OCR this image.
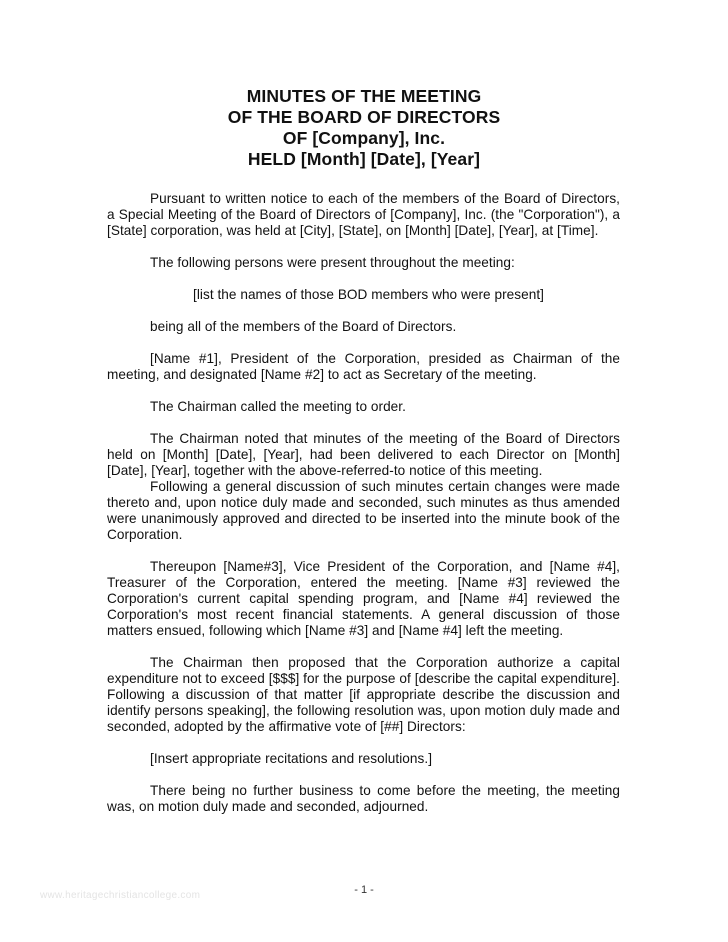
MINUTES OF THE MEETING
OF THE BOARD OF DIRECTORS
OF [Company], Inc.
HELD [Month] [Date], [Year]

Pursuant to written notice to each of the members of the Board of Directors, a Special Meeting of the Board of Directors of [Company], Inc. (the "Corporation"), a [State] corporation, was held at [City], [State], on [Month] [Date], [Year], at [Time].

The following persons were present throughout the meeting:

[list the names of those BOD members who were present]

being all of the members of the Board of Directors.

[Name #1], President of the Corporation, presided as Chairman of the meeting, and designated [Name #2] to act as Secretary of the meeting.

The Chairman called the meeting to order.

The Chairman noted that minutes of the meeting of the Board of Directors held on [Month] [Date], [Year], had been delivered to each Director on [Month] [Date], [Year], together with the above-referred-to notice of this meeting.

Following a general discussion of such minutes certain changes were made thereto and, upon notice duly made and seconded, such minutes as thus amended were unanimously approved and directed to be inserted into the minute book of the Corporation.

Thereupon [Name#3], Vice President of the Corporation, and [Name #4], Treasurer of the Corporation, entered the meeting. [Name #3] reviewed the Corporation's current capital spending program, and [Name #4] reviewed the Corporation's most recent financial statements. A general discussion of those matters ensued, following which [Name #3] and [Name #4] left the meeting.

The Chairman then proposed that the Corporation authorize a capital expenditure not to exceed [$$$] for the purpose of [describe the capital expenditure]. Following a discussion of that matter [if appropriate describe the discussion and identify persons speaking], the following resolution was, upon motion duly made and seconded, adopted by the affirmative vote of [##] Directors:

[Insert appropriate recitations and resolutions.]

There being no further business to come before the meeting, the meeting was, on motion duly made and seconded, adjourned.

- 1 -
www.heritagechristiancollege.com
